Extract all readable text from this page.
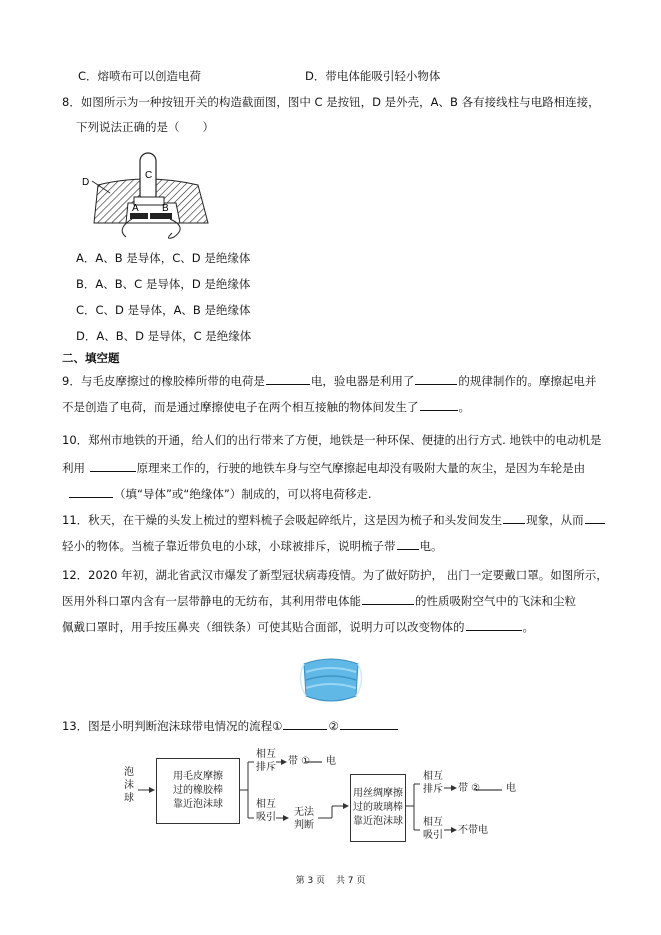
C．熔喷布可以创造电荷	D．带电体能吸引轻小物体
8．如图所示为一种按钮开关的构造截面图，图中 C 是按钮，D 是外壳，A、B 各有接线柱与电路相连接，
下列说法正确的是（　　）
C
D
A B
A．A、B 是导体，C、D 是绝缘体
B．A、B、C 是导体，D 是绝缘体
C．C、D 是导体，A、B 是绝缘体
D．A、B、D 是导体，C 是绝缘体
二、填空题
9．与毛皮摩擦过的橡胶棒所带的电荷是	电，验电器是利用了	的规律制作的。摩擦起电并
不是创造了电荷，而是通过摩擦使电子在两个相互接触的物体间发生了	。
10．郑州市地铁的开通，给人们的出行带来了方便，地铁是一种环保、便捷的出行方式. 地铁中的电动机是
利用	原理来工作的，行驶的地铁车身与空气摩擦起电却没有吸附大量的灰尘，是因为车轮是由
（填“导体”或“绝缘体”）制成的，可以将电荷移走.
11．秋天，在干燥的头发上梳过的塑料梳子会吸起碎纸片，这是因为梳子和头发间发生 现象，从而
轻小的物体。当梳子靠近带负电的小球，小球被排斥，说明梳子带 电。
12．2020 年初，湖北省武汉市爆发了新型冠状病毒疫情。为了做好防护， 出门一定要戴口罩。如图所示，
医用外科口罩内含有一层带静电的无纺布，其利用带电体能	的性质吸附空气中的飞沫和尘粒
佩戴口罩时，用手按压鼻夹（细铁条）可使其贴合面部，说明力可以改变物体的	。
13．图是小明判断泡沫球带电情况的流程①	②
泡
沫
球
用毛皮摩擦
过的橡胶棒
靠近泡沫球
相互
排斥
带 ① 电
相互
吸引	无法
判断
用丝绸摩擦
过的玻璃棒
靠近泡沫球
相互
排斥	带 ②	电
相互
吸引	不带电
第 3 页 共 7 页
